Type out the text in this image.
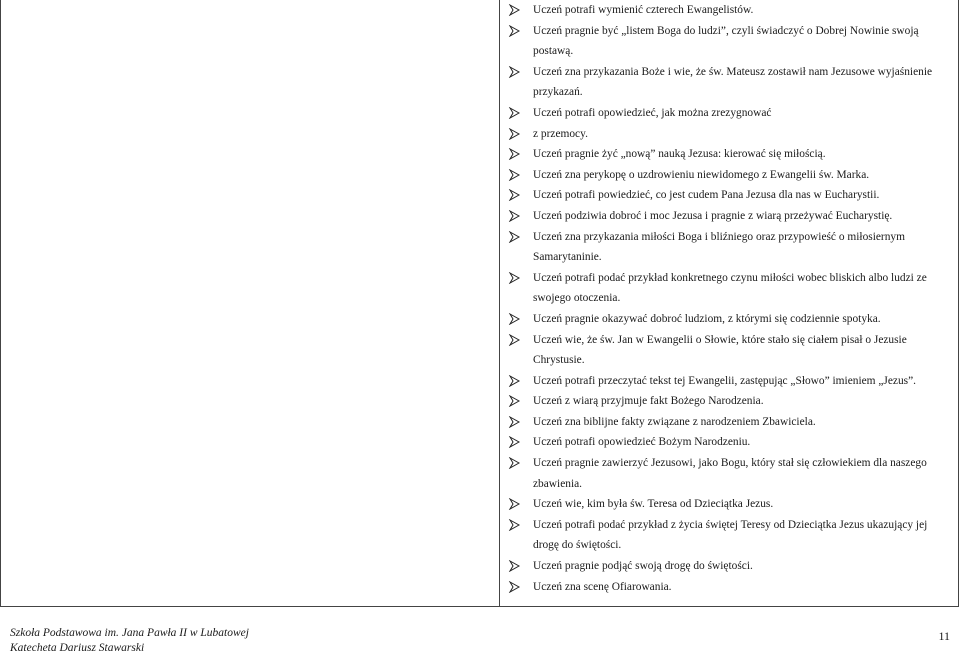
Uczeń potrafi wymienić czterech Ewangelistów.
Uczeń pragnie być „listem Boga do ludzi”, czyli świadczyć o Dobrej Nowinie swoją postawą.
Uczeń zna przykazania Boże i wie, że św. Mateusz zostawił nam Jezusowe wyjaśnienie przykazań.
Uczeń potrafi opowiedzieć, jak można zrezygnować
z przemocy.
Uczeń pragnie żyć „nową” nauką Jezusa: kierować się miłością.
Uczeń zna perykopę o uzdrowieniu niewidomego z Ewangelii św. Marka.
Uczeń potrafi powiedzieć, co jest cudem Pana Jezusa dla nas w Eucharystii.
Uczeń podziwia dobroć i moc Jezusa i pragnie z wiarą przeżywać Eucharystię.
Uczeń zna przykazania miłości Boga i bliźniego oraz przypowieść o miłosiernym Samarytaninie.
Uczeń potrafi podać przykład konkretnego czynu miłości wobec bliskich albo ludzi ze swojego otoczenia.
Uczeń pragnie okazywać dobroć ludziom, z którymi się codziennie spotyka.
Uczeń wie, że św. Jan w Ewangelii o Słowie, które stało się ciałem pisał o Jezusie Chrystusie.
Uczeń potrafi przeczytać tekst tej Ewangelii, zastępując „Słowo” imieniem „Jezus”.
Uczeń z wiarą przyjmuje fakt Bożego Narodzenia.
Uczeń zna biblijne fakty związane z narodzeniem Zbawiciela.
Uczeń potrafi opowiedzieć Bożym Narodzeniu.
Uczeń pragnie zawierzyć Jezusowi, jako Bogu, który stał się człowiekiem dla naszego zbawienia.
Uczeń wie, kim była św. Teresa od Dzieciątka Jezus.
Uczeń potrafi podać przykład z życia świętej Teresy od Dzieciątka Jezus ukazujący jej drogę do świętości.
Uczeń pragnie podjąć swoją drogę do świętości.
Uczeń zna scenę Ofiarowania.
Szkoła Podstawowa im. Jana Pawła II w Lubatowej
Katecheta Dariusz Stawarski
11
